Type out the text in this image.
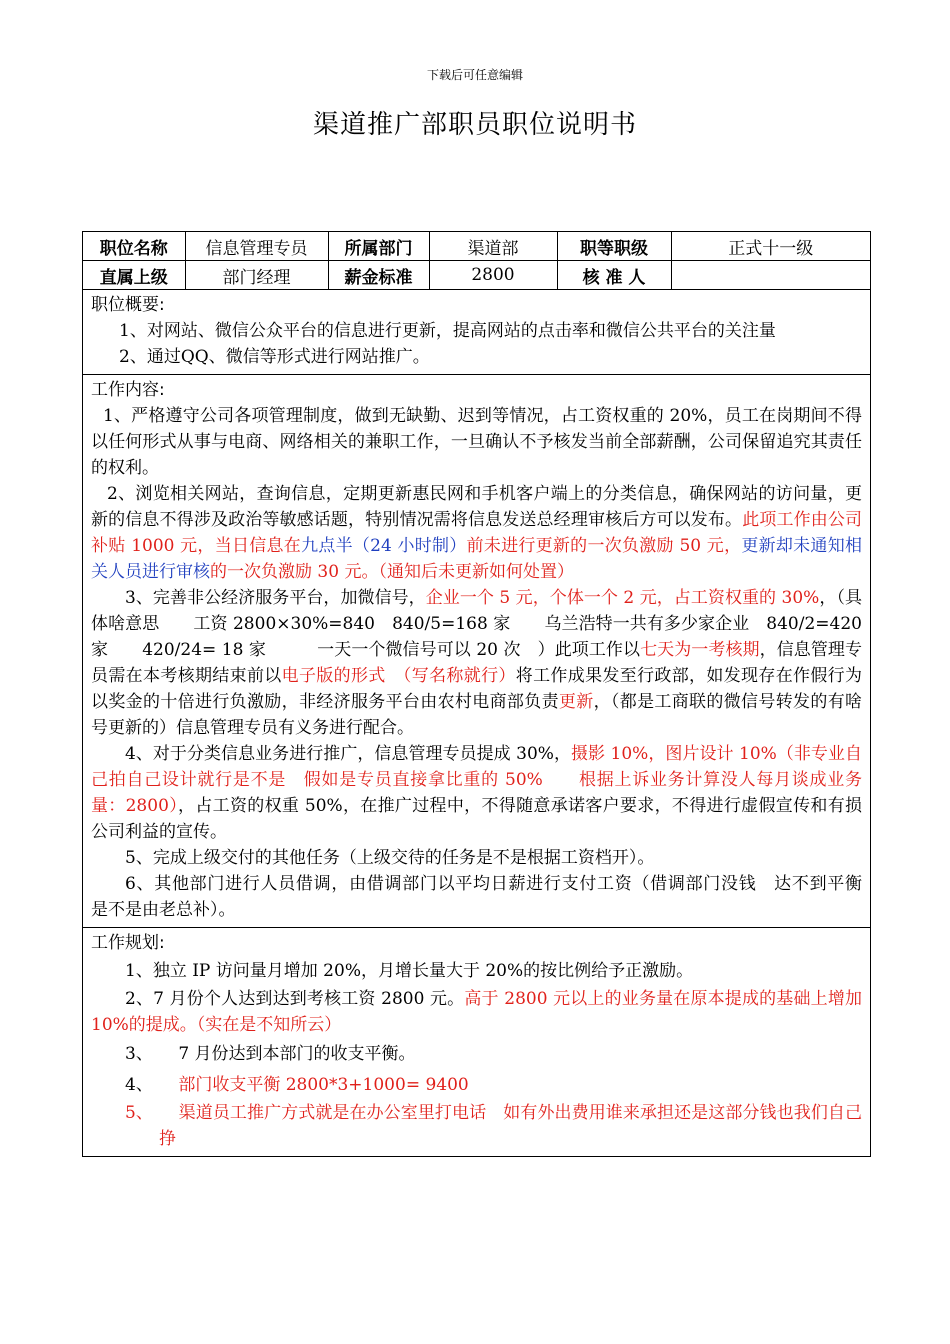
下载后可任意编辑
渠道推广部职员职位说明书
职位名称	信息管理专员	所属部门	渠道部	职等职级	正式十一级
直属上级	部门经理	薪金标准	2800	核 准 人	
职位概要:

1、对网站、微信公众平台的信息进行更新，提高网站的点击率和微信公共平台的关注量

2、通过QQ、微信等形式进行网站推广。

工作内容:

1、严格遵守公司各项管理制度，做到无缺勤、迟到等情况，占工资权重的 20%，员工在岗期间不得以任何形式从事与电商、网络相关的兼职工作，一旦确认不予核发当前全部薪酬，公司保留追究其责任的权利。

2、浏览相关网站，查询信息，定期更新惠民网和手机客户端上的分类信息，确保网站的访问量，更新的信息不得涉及政治等敏感话题，特别情况需将信息发送总经理审核后方可以发布。此项工作由公司补贴 1000 元，当日信息在九点半（24 小时制）前未进行更新的一次负激励 50 元，更新却未通知相关人员进行审核的一次负激励 30 元。（通知后未更新如何处置）

3、完善非公经济服务平台，加微信号，企业一个 5 元，个体一个 2 元，占工资权重的 30%，（具体啥意思　　工资 2800×30%=840　840/5=168 家　　乌兰浩特一共有多少家企业　840/2=420 家　　420/24= 18 家　　　一天一个微信号可以 20 次　）此项工作以七天为一考核期，信息管理专员需在本考核期结束前以电子版的形式　（写名称就行）将工作成果发至行政部，如发现存在作假行为以奖金的十倍进行负激励，非经济服务平台由农村电商部负责更新，（都是工商联的微信号转发的有啥号更新的）信息管理专员有义务进行配合。

4、对于分类信息业务进行推广，信息管理专员提成 30%，摄影 10%，图片设计 10%（非专业自己拍自己设计就行是不是　假如是专员直接拿比重的 50%　　根据上诉业务计算没人每月谈成业务量：2800），占工资的权重 50%，在推广过程中，不得随意承诺客户要求，不得进行虚假宣传和有损公司利益的宣传。

5、完成上级交付的其他任务（上级交待的任务是不是根据工资档开）。

6、其他部门进行人员借调，由借调部门以平均日薪进行支付工资（借调部门没钱　达不到平衡　是不是由老总补）。

工作规划:

1、独立 IP 访问量月增加 20%，月增长量大于 20%的按比例给予正激励。

2、7 月份个人达到达到考核工资 2800 元。高于 2800 元以上的业务量在原本提成的基础上增加 10%的提成。（实在是不知所云）

3、　　7 月份达到本部门的收支平衡。

4、　　部门收支平衡 2800*3+1000= 9400

5、　　渠道员工推广方式就是在办公室里打电话　如有外出费用谁来承担还是这部分钱也我们自己挣
